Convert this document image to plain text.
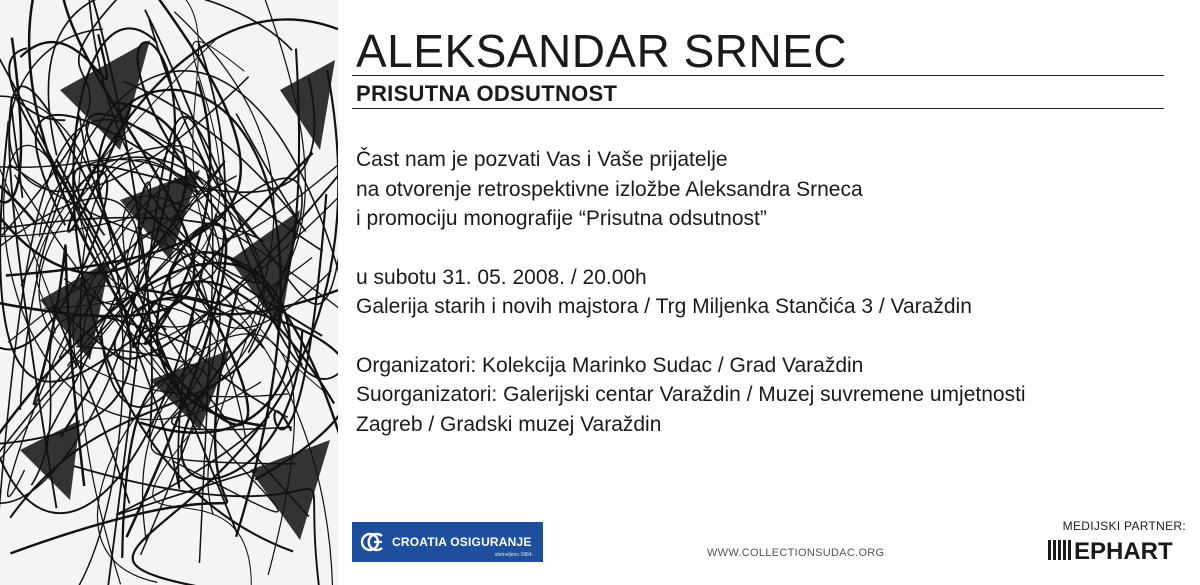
ALEKSANDAR SRNEC
PRISUTNA ODSUTNOST

Čast nam je pozvati Vas i Vaše prijatelje
na otvorenje retrospektivne izložbe Aleksandra Srneca
i promociju monografije “Prisutna odsutnost”

u subotu 31. 05. 2008. / 20.00h
Galerija starih i novih majstora / Trg Miljenka Stančića 3 / Varaždin

Organizatori: Kolekcija Marinko Sudac / Grad Varaždin
Suorganizatori: Galerijski centar Varaždin / Muzej suvremene umjetnosti
Zagreb / Gradski muzej Varaždin

CROATIA OSIGURANJE
utemeljeno 1884.	WWW.COLLECTIONSUDAC.ORG
MEDIJSKI PARTNER:
EPHART
